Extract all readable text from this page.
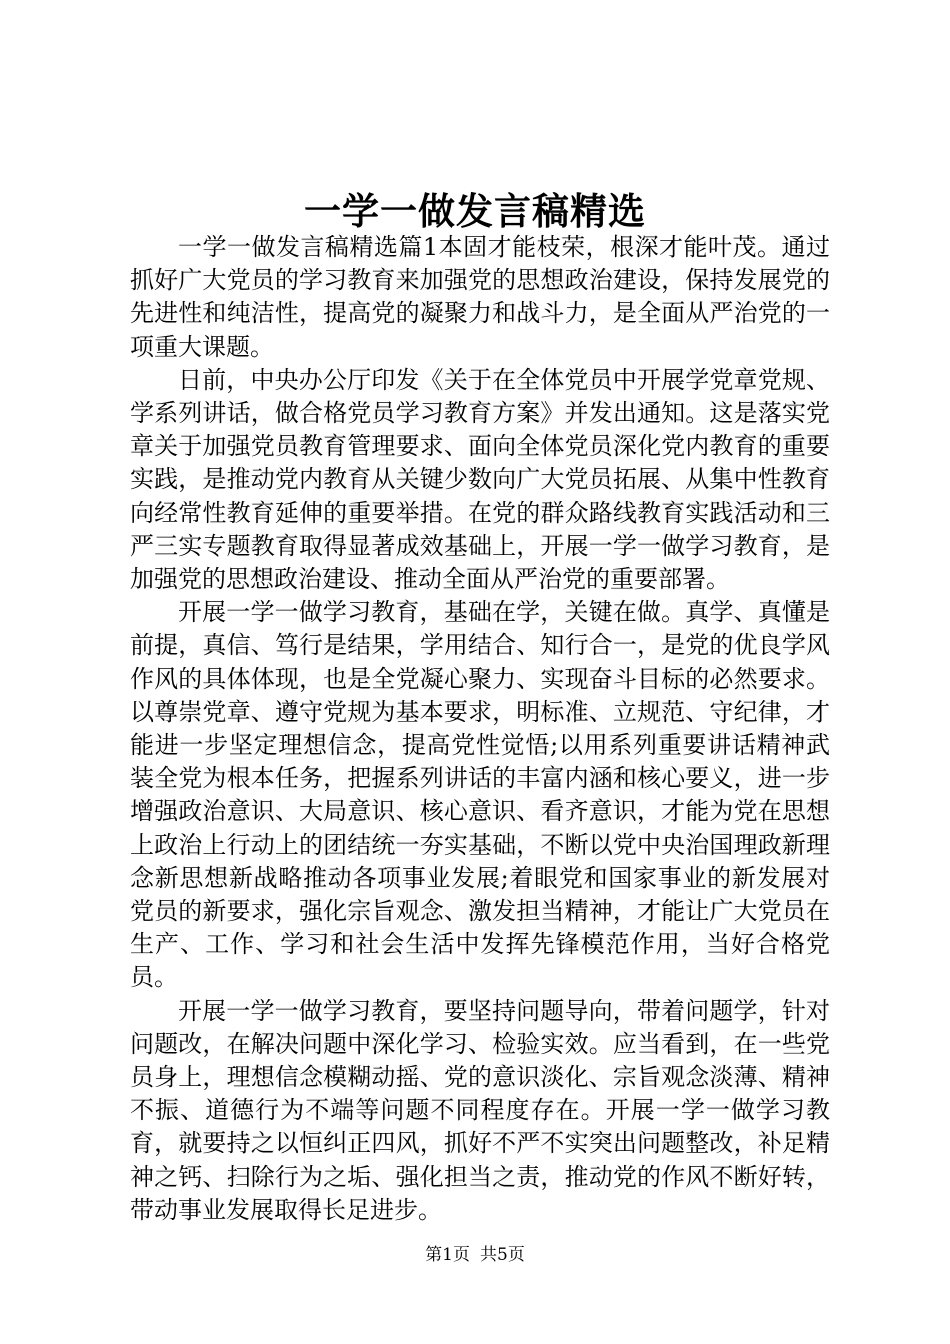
一学一做发言稿精选

一学一做发言稿精选篇1本固才能枝荣，根深才能叶茂。通过抓好广大党员的学习教育来加强党的思想政治建设，保持发展党的先进性和纯洁性，提高党的凝聚力和战斗力，是全面从严治党的一项重大课题。

日前，中央办公厅印发《关于在全体党员中开展学党章党规、学系列讲话，做合格党员学习教育方案》并发出通知。这是落实党章关于加强党员教育管理要求、面向全体党员深化党内教育的重要实践，是推动党内教育从关键少数向广大党员拓展、从集中性教育向经常性教育延伸的重要举措。在党的群众路线教育实践活动和三严三实专题教育取得显著成效基础上，开展一学一做学习教育，是加强党的思想政治建设、推动全面从严治党的重要部署。

开展一学一做学习教育，基础在学，关键在做。真学、真懂是前提，真信、笃行是结果，学用结合、知行合一，是党的优良学风作风的具体体现，也是全党凝心聚力、实现奋斗目标的必然要求。以尊崇党章、遵守党规为基本要求，明标准、立规范、守纪律，才能进一步坚定理想信念，提高党性觉悟;以用系列重要讲话精神武装全党为根本任务，把握系列讲话的丰富内涵和核心要义，进一步增强政治意识、大局意识、核心意识、看齐意识，才能为党在思想上政治上行动上的团结统一夯实基础，不断以党中央治国理政新理念新思想新战略推动各项事业发展;着眼党和国家事业的新发展对党员的新要求，强化宗旨观念、激发担当精神，才能让广大党员在生产、工作、学习和社会生活中发挥先锋模范作用，当好合格党员。

开展一学一做学习教育，要坚持问题导向，带着问题学，针对问题改，在解决问题中深化学习、检验实效。应当看到，在一些党员身上，理想信念模糊动摇、党的意识淡化、宗旨观念淡薄、精神不振、道德行为不端等问题不同程度存在。开展一学一做学习教育，就要持之以恒纠正四风，抓好不严不实突出问题整改，补足精神之钙、扫除行为之垢、强化担当之责，推动党的作风不断好转，带动事业发展取得长足进步。

第1页 共5页
